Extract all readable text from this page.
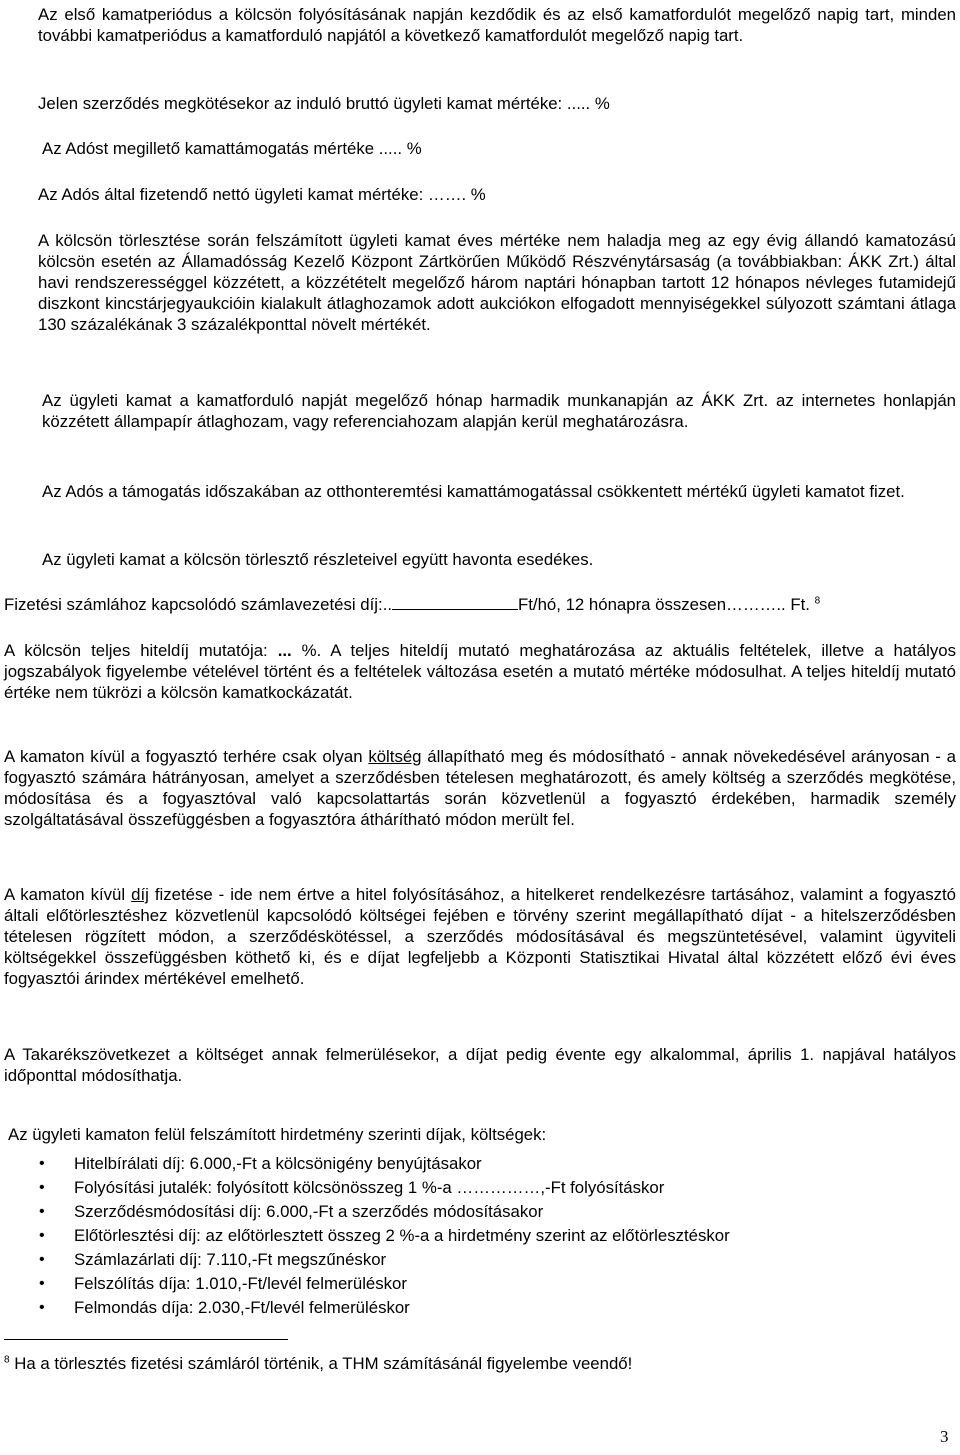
Az első kamatperiódus a kölcsön folyósításának napján kezdődik és az első kamatfordulót megelőző napig tart, minden további kamatperiódus a kamatforduló napjától a következő kamatfordulót megelőző napig tart.

Jelen szerződés megkötésekor az induló bruttó ügyleti kamat mértéke: ..... %

Az Adóst megillető kamattámogatás mértéke ..... %

Az Adós által fizetendő nettó ügyleti kamat mértéke: ……. %

A kölcsön törlesztése során felszámított ügyleti kamat éves mértéke nem haladja meg az egy évig állandó kamatozású kölcsön esetén az Államadósság Kezelő Központ Zártkörűen Működő Részvénytársaság (a továbbiakban: ÁKK Zrt.) által havi rendszerességgel közzétett, a közzétételt megelőző három naptári hónapban tartott 12 hónapos névleges futamidejű diszkont kincstárjegyaukcióin kialakult átlaghozamok adott aukciókon elfogadott mennyiségekkel súlyozott számtani átlaga 130 százalékának 3 százalékponttal növelt mértékét.

Az ügyleti kamat a kamatforduló napját megelőző hónap harmadik munkanapján az ÁKK Zrt. az internetes honlapján közzétett állampapír átlaghozam, vagy referenciahozam alapján kerül meghatározásra.

Az Adós a támogatás időszakában az otthonteremtési kamattámogatással csökkentett mértékű ügyleti kamatot fizet.

Az ügyleti kamat a kölcsön törlesztő részleteivel együtt havonta esedékes.

Fizetési számlához kapcsolódó számlavezetési díj:..	Ft/hó, 12 hónapra összesen……….. Ft. $^8$

A kölcsön teljes hiteldíj mutatója: ... %. A teljes hiteldíj mutató meghatározása az aktuális feltételek, illetve a hatályos jogszabályok figyelembe vételével történt és a feltételek változása esetén a mutató mértéke módosulhat. A teljes hiteldíj mutató értéke nem tükrözi a kölcsön kamatkockázatát.

A kamaton kívül a fogyasztó terhére csak olyan költség állapítható meg és módosítható - annak növekedésével arányosan - a fogyasztó számára hátrányosan, amelyet a szerződésben tételesen meghatározott, és amely költség a szerződés megkötése, módosítása és a fogyasztóval való kapcsolattartás során közvetlenül a fogyasztó érdekében, harmadik személy szolgáltatásával összefüggésben a fogyasztóra áthárítható módon merült fel.

A kamaton kívül díj fizetése - ide nem értve a hitel folyósításához, a hitelkeret rendelkezésre tartásához, valamint a fogyasztó általi előtörlesztéshez közvetlenül kapcsolódó költségei fejében e törvény szerint megállapítható díjat - a hitelszerződésben tételesen rögzített módon, a szerződéskötéssel, a szerződés módosításával és megszüntetésével, valamint ügyviteli költségekkel összefüggésben köthető ki, és e díjat legfeljebb a Központi Statisztikai Hivatal által közzétett előző évi éves fogyasztói árindex mértékével emelhető.

A Takarékszövetkezet a költséget annak felmerülésekor, a díjat pedig évente egy alkalommal, április 1. napjával hatályos időponttal módosíthatja.

Az ügyleti kamaton felül felszámított hirdetmény szerinti díjak, költségek:

• Hitelbírálati díj: 6.000,-Ft a kölcsönigény benyújtásakor
• Folyósítási jutalék: folyósított kölcsönösszeg 1 %-a ……………,-Ft folyósításkor
• Szerződésmódosítási díj: 6.000,-Ft a szerződés módosításakor
• Előtörlesztési díj: az előtörlesztett összeg 2 %-a a hirdetmény szerint az előtörlesztéskor
• Számlazárlati díj: 7.110,-Ft megszűnéskor
• Felszólítás díja: 1.010,-Ft/levél felmerüléskor
• Felmondás díja: 2.030,-Ft/levél felmerüléskor

$^8$ Ha a törlesztés fizetési számláról történik, a THM számításánál figyelembe veendő!

3
